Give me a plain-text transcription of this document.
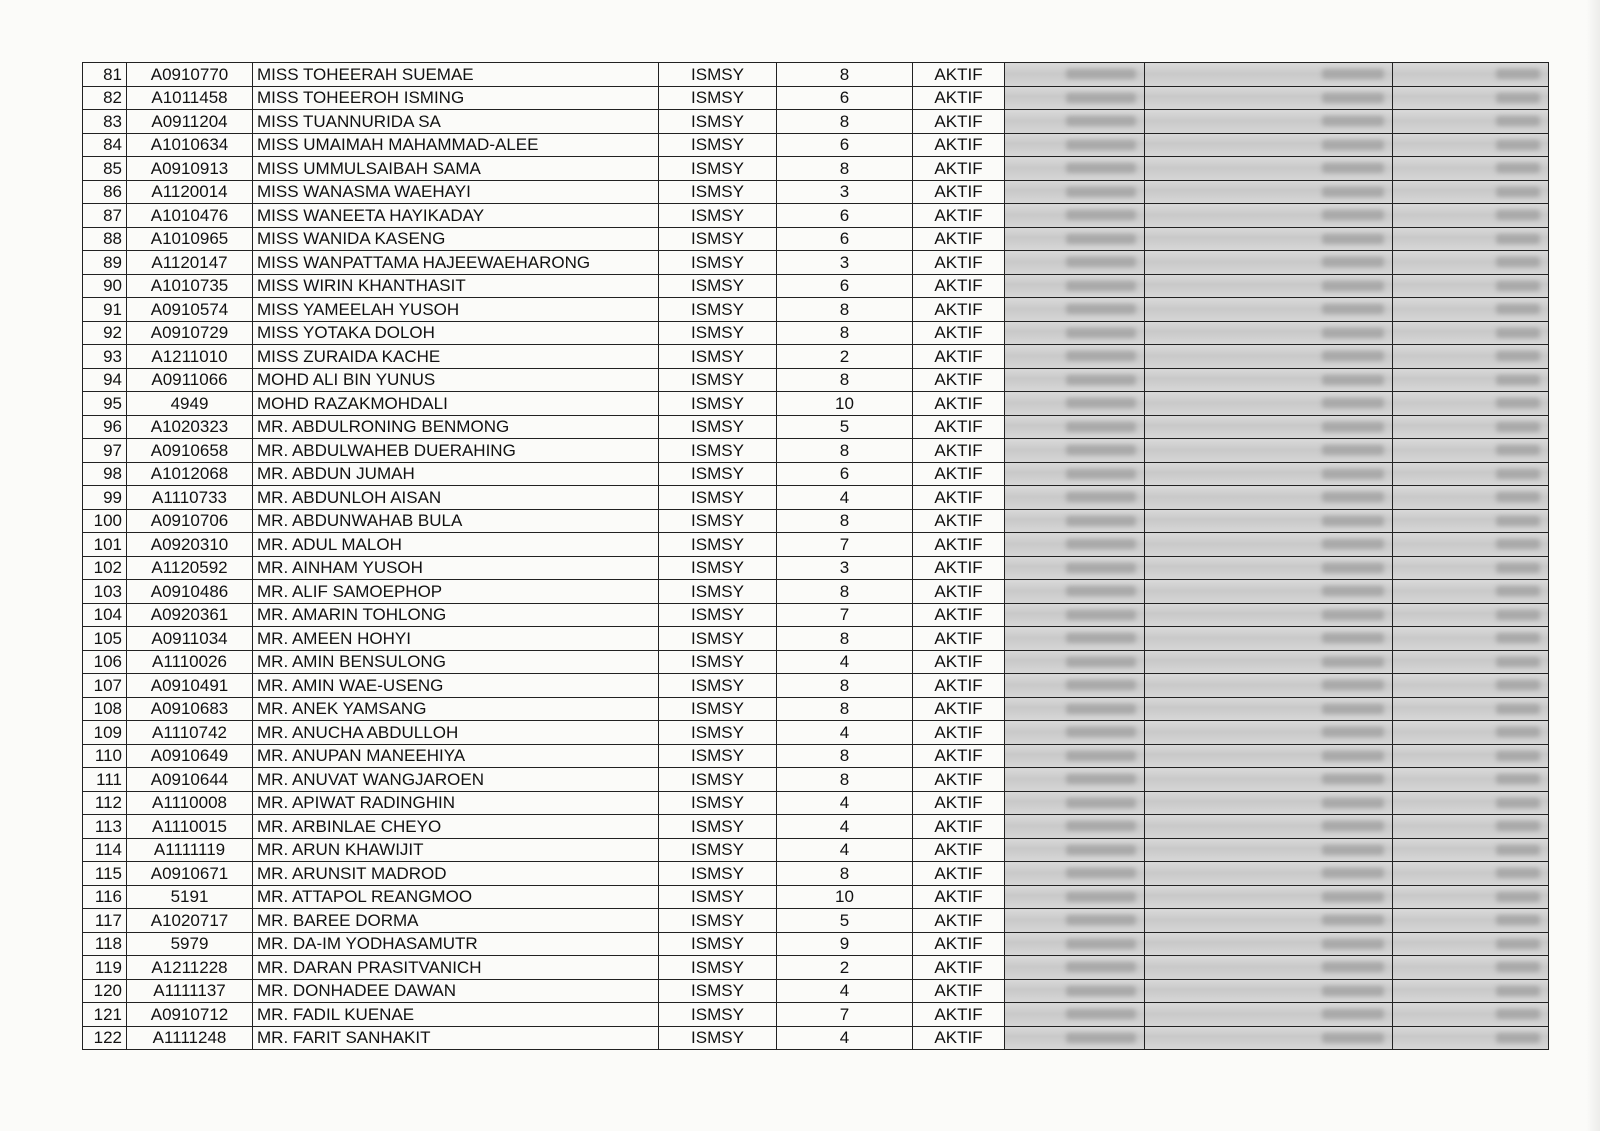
81	A0910770	MISS TOHEERAH SUEMAE	ISMSY	8	AKTIF	

82	A1011458	MISS TOHEEROH ISMING	ISMSY	6	AKTIF	

83	A0911204	MISS TUANNURIDA SA	ISMSY	8	AKTIF	

84	A1010634	MISS UMAIMAH MAHAMMAD-ALEE	ISMSY	6	AKTIF	

85	A0910913	MISS UMMULSAIBAH SAMA	ISMSY	8	AKTIF	

86	A1120014	MISS WANASMA WAEHAYI	ISMSY	3	AKTIF	

87	A1010476	MISS WANEETA HAYIKADAY	ISMSY	6	AKTIF	

88	A1010965	MISS WANIDA KASENG	ISMSY	6	AKTIF	

89	A1120147	MISS WANPATTAMA HAJEEWAEHARONG	ISMSY	3	AKTIF	

90	A1010735	MISS WIRIN KHANTHASIT	ISMSY	6	AKTIF	

91	A0910574	MISS YAMEELAH YUSOH	ISMSY	8	AKTIF	

92	A0910729	MISS YOTAKA DOLOH	ISMSY	8	AKTIF	

93	A1211010	MISS ZURAIDA KACHE	ISMSY	2	AKTIF	

94	A0911066	MOHD ALI BIN YUNUS	ISMSY	8	AKTIF	

95	4949	MOHD RAZAKMOHDALI	ISMSY	10	AKTIF	

96	A1020323	MR. ABDULRONING BENMONG	ISMSY	5	AKTIF	

97	A0910658	MR. ABDULWAHEB DUERAHING	ISMSY	8	AKTIF	

98	A1012068	MR. ABDUN JUMAH	ISMSY	6	AKTIF	

99	A1110733	MR. ABDUNLOH AISAN	ISMSY	4	AKTIF	

100	A0910706	MR. ABDUNWAHAB BULA	ISMSY	8	AKTIF	

101	A0920310	MR. ADUL MALOH	ISMSY	7	AKTIF	

102	A1120592	MR. AINHAM YUSOH	ISMSY	3	AKTIF	

103	A0910486	MR. ALIF SAMOEPHOP	ISMSY	8	AKTIF	

104	A0920361	MR. AMARIN TOHLONG	ISMSY	7	AKTIF	

105	A0911034	MR. AMEEN HOHYI	ISMSY	8	AKTIF	

106	A1110026	MR. AMIN BENSULONG	ISMSY	4	AKTIF	

107	A0910491	MR. AMIN WAE-USENG	ISMSY	8	AKTIF	

108	A0910683	MR. ANEK YAMSANG	ISMSY	8	AKTIF	

109	A1110742	MR. ANUCHA ABDULLOH	ISMSY	4	AKTIF	

110	A0910649	MR. ANUPAN MANEEHIYA	ISMSY	8	AKTIF	

111	A0910644	MR. ANUVAT WANGJAROEN	ISMSY	8	AKTIF	

112	A1110008	MR. APIWAT RADINGHIN	ISMSY	4	AKTIF	

113	A1110015	MR. ARBINLAE CHEYO	ISMSY	4	AKTIF	

114	A1111119	MR. ARUN KHAWIJIT	ISMSY	4	AKTIF	

115	A0910671	MR. ARUNSIT MADROD	ISMSY	8	AKTIF	

116	5191	MR. ATTAPOL REANGMOO	ISMSY	10	AKTIF	

117	A1020717	MR. BAREE DORMA	ISMSY	5	AKTIF	

118	5979	MR. DA-IM YODHASAMUTR	ISMSY	9	AKTIF	

119	A1211228	MR. DARAN PRASITVANICH	ISMSY	2	AKTIF	

120	A1111137	MR. DONHADEE DAWAN	ISMSY	4	AKTIF	

121	A0910712	MR. FADIL KUENAE	ISMSY	7	AKTIF	

122	A1111248	MR. FARIT SANHAKIT	ISMSY	4	AKTIF	
